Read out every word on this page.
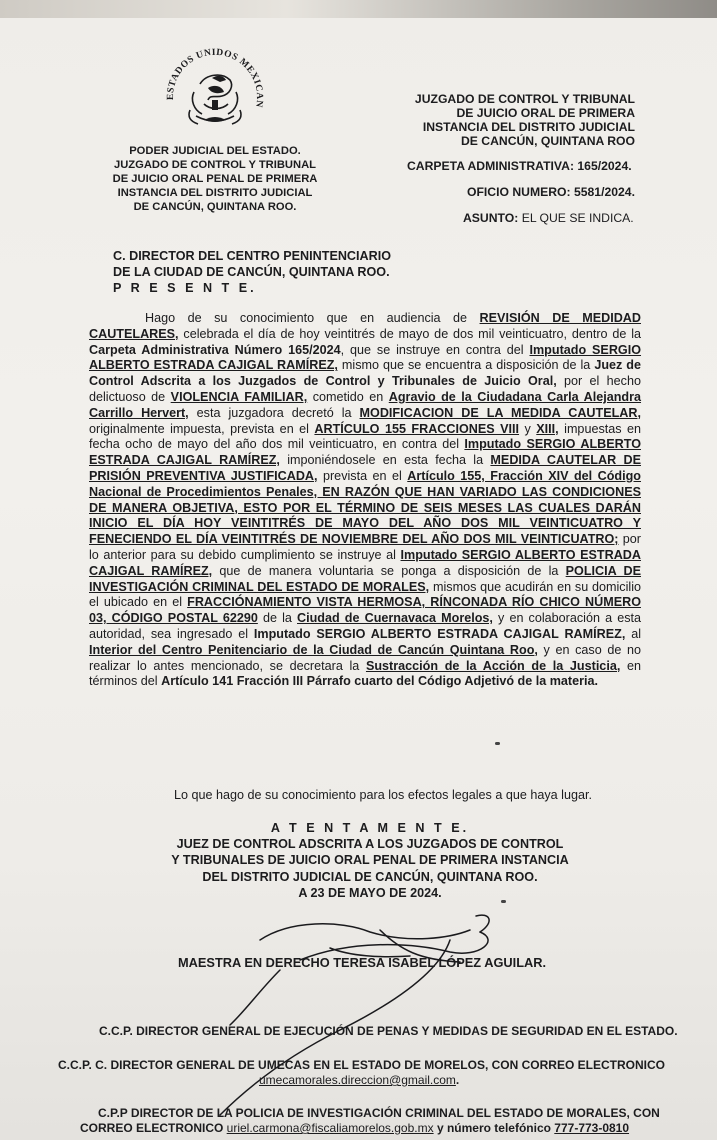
ESTADOS UNIDOS MEXICAN
PODER JUDICIAL DEL ESTADO.
JUZGADO DE CONTROL Y TRIBUNAL
DE JUICIO ORAL PENAL DE PRIMERA
INSTANCIA DEL DISTRITO JUDICIAL
DE CANCÚN, QUINTANA ROO.
JUZGADO DE CONTROL Y TRIBUNAL
DE JUICIO ORAL DE PRIMERA
INSTANCIA DEL DISTRITO JUDICIAL
DE CANCÚN, QUINTANA ROO
CARPETA ADMINISTRATIVA: 165/2024.
OFICIO NUMERO: 5581/2024.
ASUNTO: EL QUE SE INDICA.
C. DIRECTOR DEL CENTRO PENINTENCIARIO
DE LA CIUDAD DE CANCÚN, QUINTANA ROO.
P R E S E N T E.

Hago de su conocimiento que en audiencia de REVISIÓN DE MEDIDAD CAUTELARES, celebrada el día de hoy veintitrés de mayo de dos mil veinticuatro, dentro de la Carpeta Administrativa Número 165/2024, que se instruye en contra del Imputado SERGIO ALBERTO ESTRADA CAJIGAL RAMÍREZ, mismo que se encuentra a disposición de la Juez de Control Adscrita a los Juzgados de Control y Tribunales de Juicio Oral, por el hecho delictuoso de VIOLENCIA FAMILIAR, cometido en Agravio de la Ciudadana Carla Alejandra Carrillo Hervert, esta juzgadora decretó la MODIFICACION DE LA MEDIDA CAUTELAR, originalmente impuesta, prevista en el ARTÍCULO 155 FRACCIONES VIII y XIII, impuestas en fecha ocho de mayo del año dos mil veinticuatro, en contra del Imputado SERGIO ALBERTO ESTRADA CAJIGAL RAMÍREZ, imponiéndosele en esta fecha la MEDIDA CAUTELAR DE PRISIÓN PREVENTIVA JUSTIFICADA, prevista en el Artículo 155, Fracción XIV del Código Nacional de Procedimientos Penales, EN RAZÓN QUE HAN VARIADO LAS CONDICIONES DE MANERA OBJETIVA, ESTO POR EL TÉRMINO DE SEIS MESES LAS CUALES DARÁN INICIO EL DÍA HOY VEINTITRÉS DE MAYO DEL AÑO DOS MIL VEINTICUATRO Y FENECIENDO EL DÍA VEINTITRÉS DE NOVIEMBRE DEL AÑO DOS MIL VEINTICUATRO; por lo anterior para su debido cumplimiento se instruye al Imputado SERGIO ALBERTO ESTRADA CAJIGAL RAMÍREZ, que de manera voluntaria se ponga a disposición de la POLICIA DE INVESTIGACIÓN CRIMINAL DEL ESTADO DE MORALES, mismos que acudirán en su domicilio el ubicado en el FRACCIÓNAMIENTO VISTA HERMOSA, RÍNCONADA RÍO CHICO NÚMERO 03, CÓDIGO POSTAL 62290 de la Ciudad de Cuernavaca Morelos, y en colaboración a esta autoridad, sea ingresado el Imputado SERGIO ALBERTO ESTRADA CAJIGAL RAMÍREZ, al Interior del Centro Penitenciario de la Ciudad de Cancún Quintana Roo, y en caso de no realizar lo antes mencionado, se decretara la Sustracción de la Acción de la Justicia, en términos del Artículo 141 Fracción III Párrafo cuarto del Código Adjetivó de la materia.

Lo que hago de su conocimiento para los efectos legales a que haya lugar.
A T E N T A M E N T E.
JUEZ DE CONTROL ADSCRITA A LOS JUZGADOS DE CONTROL
Y TRIBUNALES DE JUICIO ORAL PENAL DE PRIMERA INSTANCIA
DEL DISTRITO JUDICIAL DE CANCÚN, QUINTANA ROO.
A 23 DE MAYO DE 2024.
MAESTRA EN DERECHO TERESA ISABEL LÓPEZ AGUILAR.
C.C.P. DIRECTOR GENERAL DE EJECUCIÓN DE PENAS Y MEDIDAS DE SEGURIDAD EN EL ESTADO.
C.C.P. C. DIRECTOR GENERAL DE UMECAS EN EL ESTADO DE MORELOS, CON CORREO ELECTRONICO
umecamorales.direccion@gmail.com.
C.P.P DIRECTOR DE LA POLICIA DE INVESTIGACIÓN CRIMINAL DEL ESTADO DE MORALES, CON
CORREO ELECTRONICO uriel.carmona@fiscaliamorelos.gob.mx y número telefónico 777-773-0810
